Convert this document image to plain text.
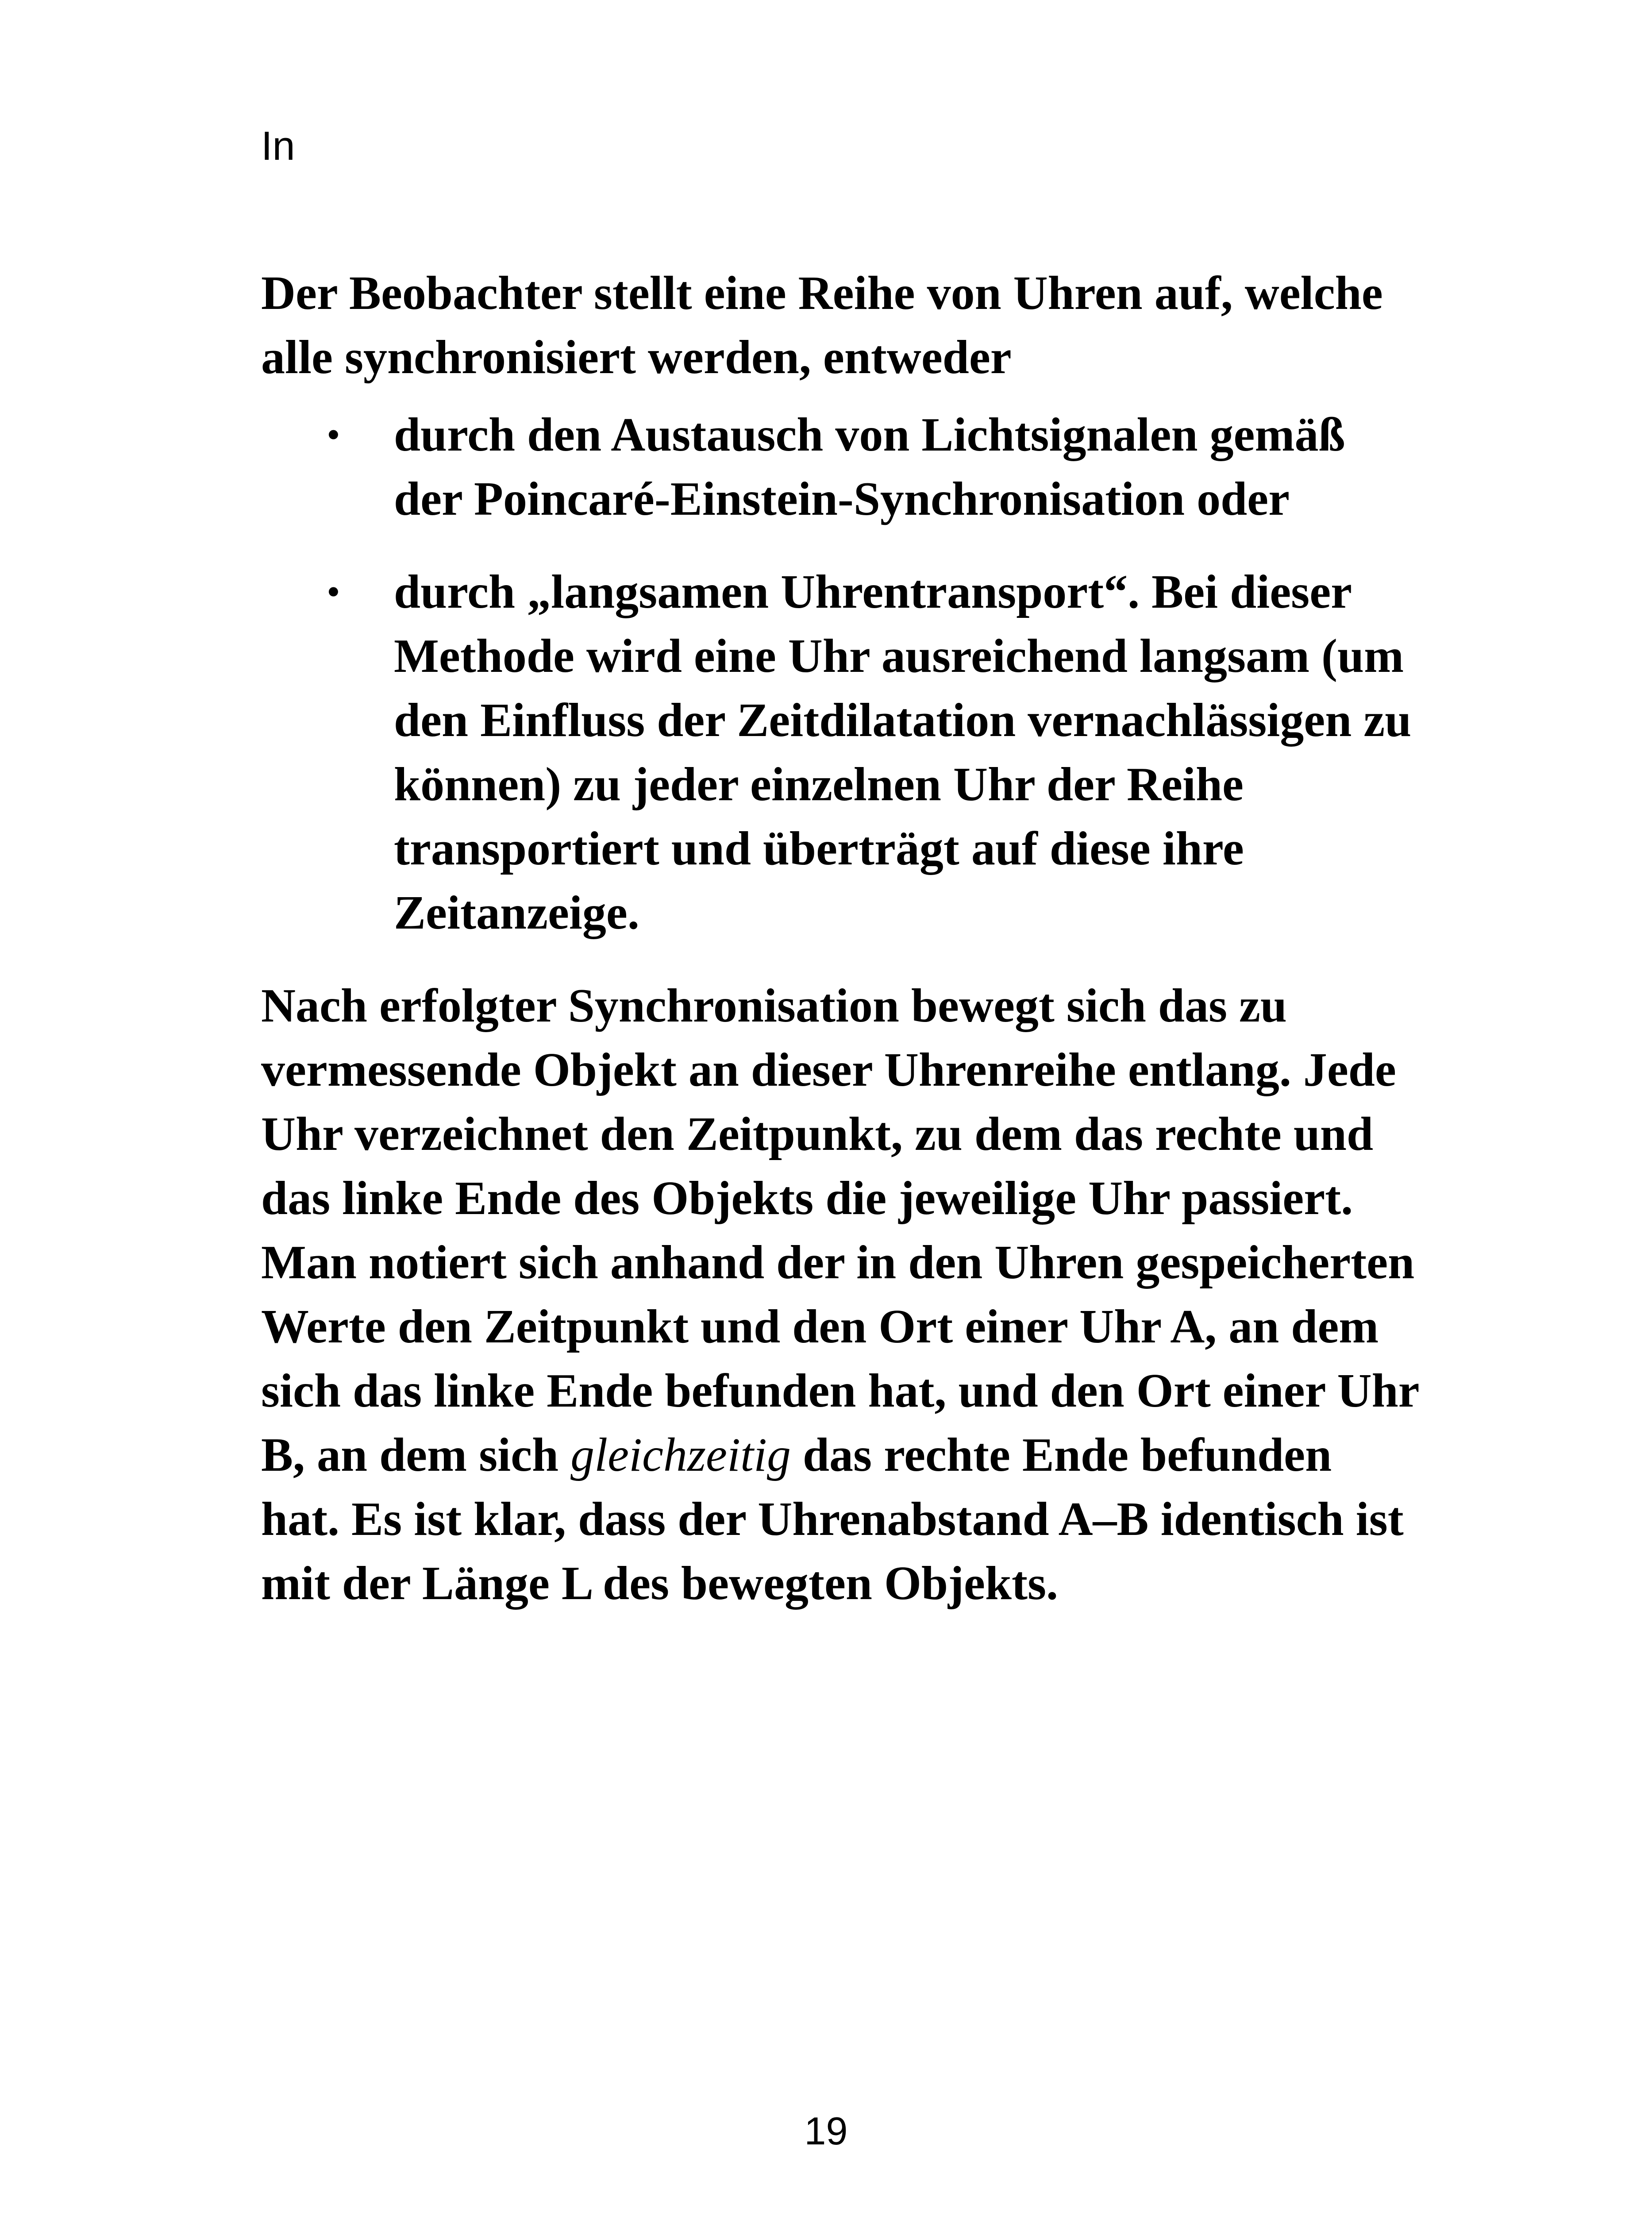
In

Der Beobachter stellt eine Reihe von Uhren auf, welche alle synchronisiert werden, entweder

• durch den Austausch von Lichtsignalen gemäß der Poincaré-Einstein-Synchronisation oder
• durch „langsamen Uhrentransport“. Bei dieser Methode wird eine Uhr ausreichend langsam (um den Einfluss der Zeitdilatation vernachlässigen zu können) zu jeder einzelnen Uhr der Reihe transportiert und überträgt auf diese ihre Zeitanzeige.

Nach erfolgter Synchronisation bewegt sich das zu vermessende Objekt an dieser Uhrenreihe entlang. Jede Uhr verzeichnet den Zeitpunkt, zu dem das rechte und das linke Ende des Objekts die jeweilige Uhr passiert. Man notiert sich anhand der in den Uhren gespeicherten Werte den Zeitpunkt und den Ort einer Uhr A, an dem sich das linke Ende befunden hat, und den Ort einer Uhr B, an dem sich gleichzeitig das rechte Ende befunden hat. Es ist klar, dass der Uhrenabstand A–B identisch ist mit der Länge L des bewegten Objekts.

19
